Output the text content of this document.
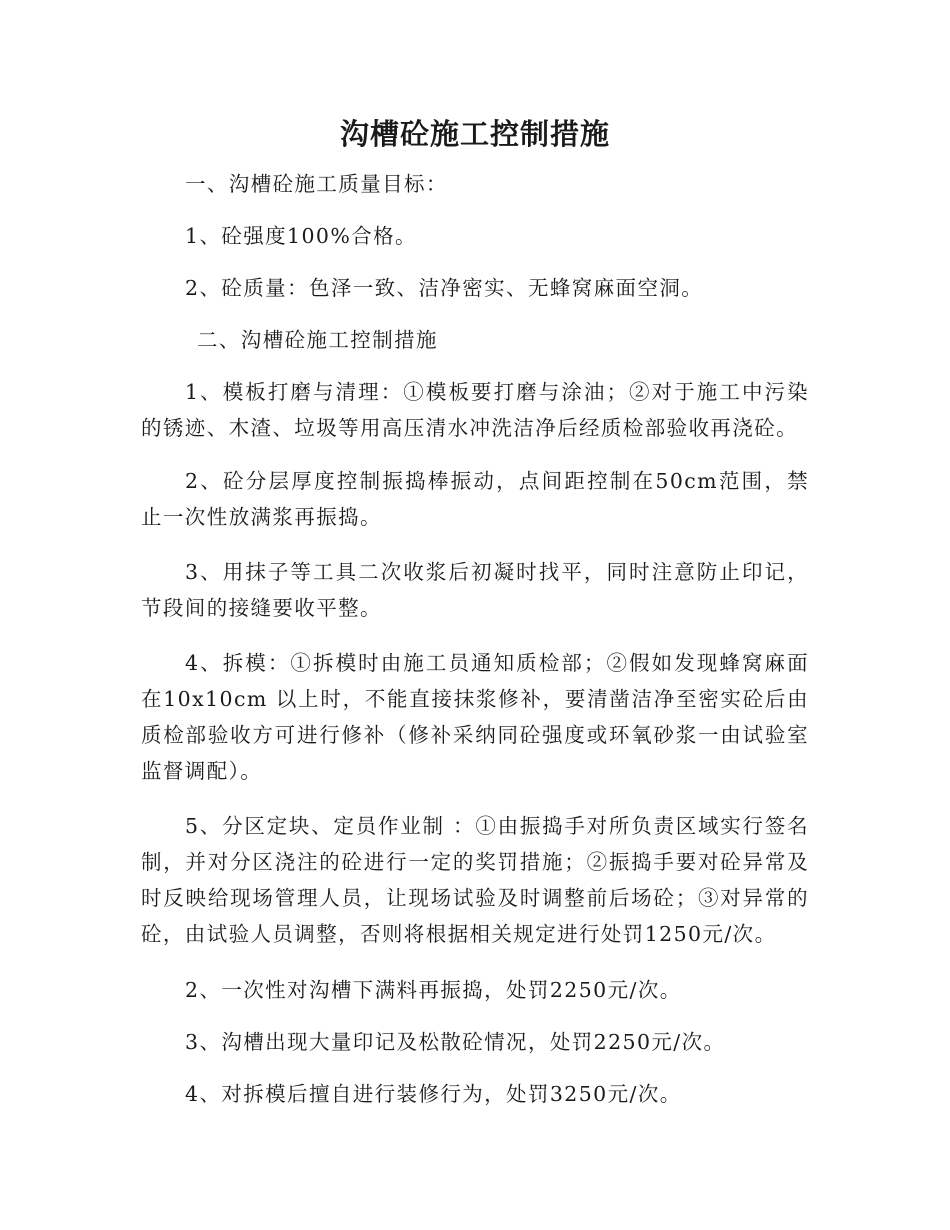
沟槽砼施工控制措施

一、沟槽砼施工质量目标：

1、砼强度100%合格。

2、砼质量：色泽一致、洁净密实、无蜂窝麻面空洞。

二、沟槽砼施工控制措施

1、模板打磨与清理：①模板要打磨与涂油；②对于施工中污染的锈迹、木渣、垃圾等用高压清水冲洗洁净后经质检部验收再浇砼。

2、砼分层厚度控制振捣棒振动，点间距控制在50cm范围，禁止一次性放满浆再振捣。

3、用抹子等工具二次收浆后初凝时找平，同时注意防止印记，节段间的接缝要收平整。

4、拆模：①拆模时由施工员通知质检部；②假如发现蜂窝麻面在10x10cm 以上时，不能直接抹浆修补，要清凿洁净至密实砼后由质检部验收方可进行修补（修补采纳同砼强度或环氧砂浆一由试验室监督调配）。

5、分区定块、定员作业制 ：①由振捣手对所负责区域实行签名制，并对分区浇注的砼进行一定的奖罚措施；②振捣手要对砼异常及时反映给现场管理人员，让现场试验及时调整前后场砼；③对异常的砼，由试验人员调整，否则将根据相关规定进行处罚1250元/次。

2、一次性对沟槽下满料再振捣，处罚2250元/次。

3、沟槽出现大量印记及松散砼情况，处罚2250元/次。

4、对拆模后擅自进行装修行为，处罚3250元/次。
